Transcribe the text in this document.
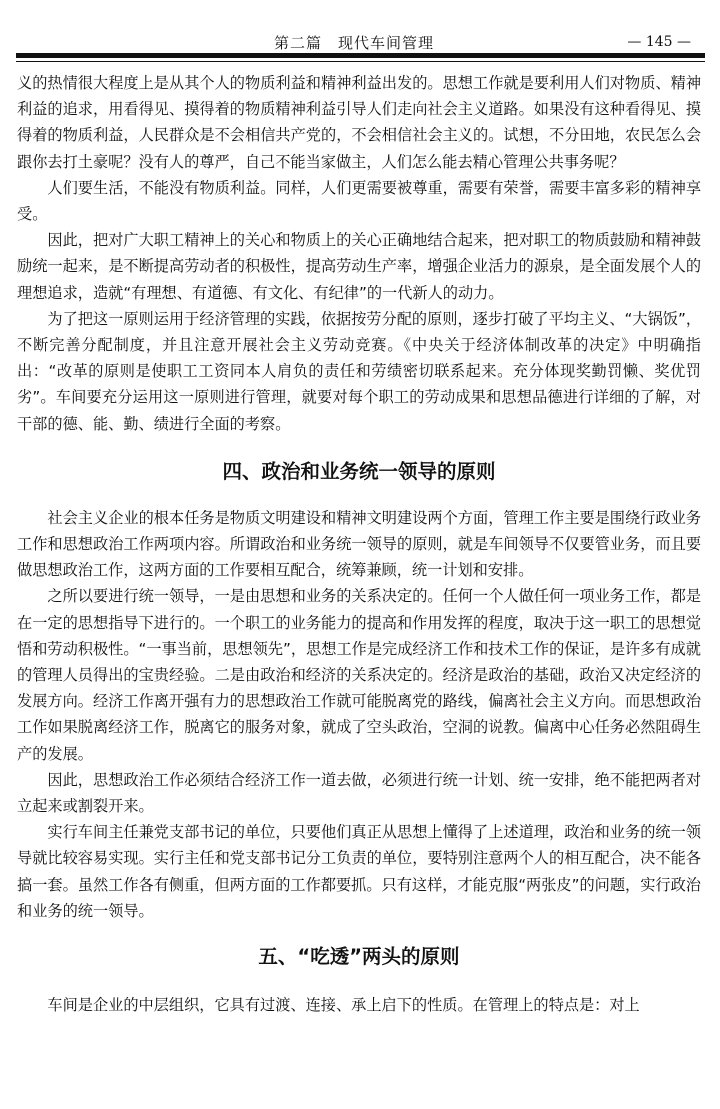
第二篇　现代车间管理	— 145 —

义的热情很大程度上是从其个人的物质利益和精神利益出发的。思想工作就是要利用人们对物质、精神利益的追求，用看得见、摸得着的物质精神利益引导人们走向社会主义道路。如果没有这种看得见、摸得着的物质利益，人民群众是不会相信共产党的，不会相信社会主义的。试想，不分田地，农民怎么会跟你去打土豪呢？没有人的尊严，自己不能当家做主，人们怎么能去精心管理公共事务呢？

人们要生活，不能没有物质利益。同样，人们更需要被尊重，需要有荣誉，需要丰富多彩的精神享受。

因此，把对广大职工精神上的关心和物质上的关心正确地结合起来，把对职工的物质鼓励和精神鼓励统一起来，是不断提高劳动者的积极性，提高劳动生产率，增强企业活力的源泉，是全面发展个人的理想追求，造就“有理想、有道德、有文化、有纪律”的一代新人的动力。

为了把这一原则运用于经济管理的实践，依据按劳分配的原则，逐步打破了平均主义、“大锅饭”，不断完善分配制度，并且注意开展社会主义劳动竞赛。《中央关于经济体制改革的决定》中明确指出：“改革的原则是使职工工资同本人肩负的责任和劳绩密切联系起来。充分体现奖勤罚懒、奖优罚劣”。车间要充分运用这一原则进行管理，就要对每个职工的劳动成果和思想品德进行详细的了解，对干部的德、能、勤、绩进行全面的考察。

四、政治和业务统一领导的原则

社会主义企业的根本任务是物质文明建设和精神文明建设两个方面，管理工作主要是围绕行政业务工作和思想政治工作两项内容。所谓政治和业务统一领导的原则，就是车间领导不仅要管业务，而且要做思想政治工作，这两方面的工作要相互配合，统筹兼顾，统一计划和安排。

之所以要进行统一领导，一是由思想和业务的关系决定的。任何一个人做任何一项业务工作，都是在一定的思想指导下进行的。一个职工的业务能力的提高和作用发挥的程度，取决于这一职工的思想觉悟和劳动积极性。“一事当前，思想领先”，思想工作是完成经济工作和技术工作的保证，是许多有成就的管理人员得出的宝贵经验。二是由政治和经济的关系决定的。经济是政治的基础，政治又决定经济的发展方向。经济工作离开强有力的思想政治工作就可能脱离党的路线，偏离社会主义方向。而思想政治工作如果脱离经济工作，脱离它的服务对象，就成了空头政治，空洞的说教。偏离中心任务必然阻碍生产的发展。

因此，思想政治工作必须结合经济工作一道去做，必须进行统一计划、统一安排，绝不能把两者对立起来或割裂开来。

实行车间主任兼党支部书记的单位，只要他们真正从思想上懂得了上述道理，政治和业务的统一领导就比较容易实现。实行主任和党支部书记分工负责的单位，要特别注意两个人的相互配合，决不能各搞一套。虽然工作各有侧重，但两方面的工作都要抓。只有这样，才能克服“两张皮”的问题，实行政治和业务的统一领导。

五、“吃透”两头的原则

车间是企业的中层组织，它具有过渡、连接、承上启下的性质。在管理上的特点是：对上
